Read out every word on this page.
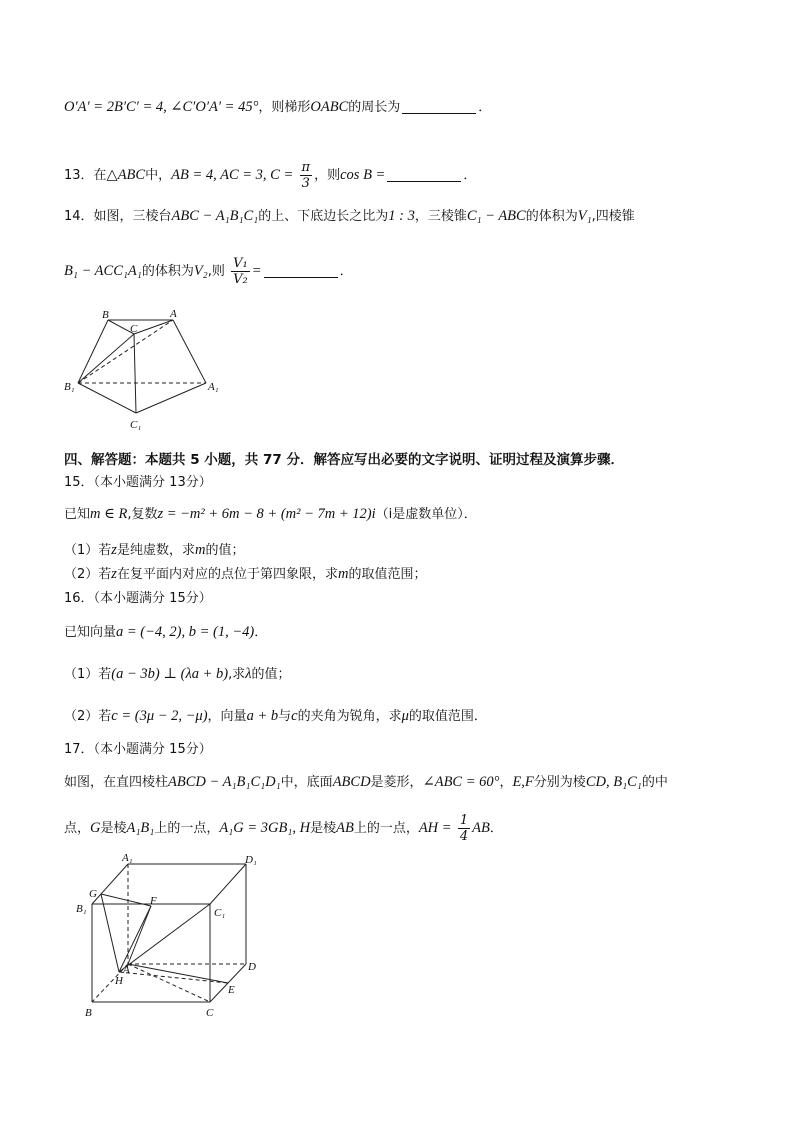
O′A′ = 2B′C′ = 4, ∠C′O′A′ = 45°，则梯形OABC的周长为	．
13．在△ABC中，AB = 4, AC = 3, $C = \frac{\pi}{3}$ ，则cos B =	．
14．如图，三棱台ABC − A₁B₁C₁的上、下底边长之比为1 : 3，三棱锥C₁ − ABC的体积为V₁,四棱锥
B₁ − ACC₁A₁的体积为V₂,则 $\frac{\text{V₁}}{\text{V₂}}$ =	．
B
C
A
B₁	A₁
C₁
四、解答题：本题共 5 小题，共 77 分．解答应写出必要的文字说明、证明过程及演算步骤．
15．（本小题满分 13分）
已知m ∈ R,复数z = −m² + 6m − 8 + (m² − 7m + 12)i（i是虚数单位）．
（1）若z是纯虚数，求m的值；
（2）若z在复平面内对应的点位于第四象限，求m的取值范围；
16．（本小题满分 15分）
已知向量a = (−4, 2), b = (1, −4)．
（1）若(a − 3b) ⊥ (λa + b),求λ的值；
（2）若c = (3μ − 2, −μ)，向量a + b与c的夹角为锐角，求μ的取值范围．
17．（本小题满分 15分）
如图，在直四棱柱ABCD − A₁B₁C₁D₁中，底面ABCD是菱形，∠ABC = 60°，E,F分别为棱CD, B₁C₁的中
点，G是棱A₁B₁上的一点，A₁G = 3GB₁, H是棱AB上的一点，AH = $\frac{1}{4}$ AB．
A₁	D₁
G
F
B₁	C₁
A
H
D
E
B	C
